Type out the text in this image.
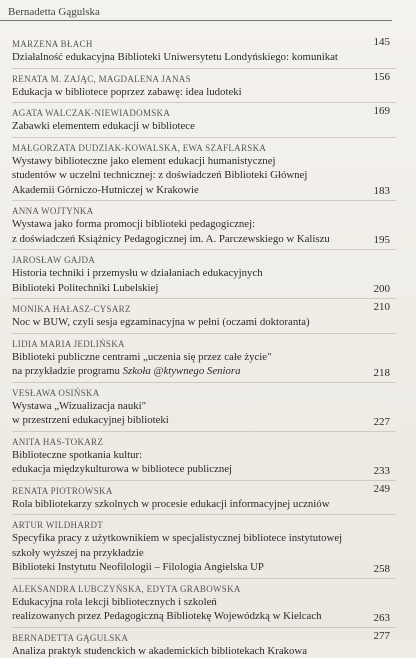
Bernadetta Gągulska
MARZENA BŁACH
Działalność edukacyjna Biblioteki Uniwersytetu Londyńskiego: komunikat
145
RENATA M. ZAJĄC, MAGDALENA JANAS
Edukacja w bibliotece poprzez zabawę: idea ludoteki
156
AGATA WALCZAK-NIEWIADOMSKA
Zabawki elementem edukacji w bibliotece
169
MAŁGORZATA DUDZIAK-KOWALSKA, EWA SZAFLARSKA
Wystawy biblioteczne jako element edukacji humanistycznej
studentów w uczelni technicznej: z doświadczeń Biblioteki Głównej
Akademii Górniczo-Hutniczej w Krakowie	183
ANNA WOJTYNKA
Wystawa jako forma promocji biblioteki pedagogicznej:
z doświadczeń Książnicy Pedagogicznej im. A. Parczewskiego w Kaliszu	195
JAROSŁAW GAJDA
Historia techniki i przemysłu w działaniach edukacyjnych
Biblioteki Politechniki Lubelskiej	200
MONIKA HAŁASZ-CYSARZ
Noc w BUW, czyli sesja egzaminacyjna w pełni (oczami doktoranta)
210
LIDIA MARIA JEDLIŃSKA
Biblioteki publiczne centrami „uczenia się przez całe życie"
na przykładzie programu Szkoła @ktywnego Seniora	218
VESŁAWA OSIŃSKA
Wystawa „Wizualizacja nauki"
w przestrzeni edukacyjnej biblioteki	227
ANITA HAS-TOKARZ
Biblioteczne spotkania kultur:
edukacja międzykulturowa w bibliotece publicznej	233
RENATA PIOTROWSKA
Rola bibliotekarzy szkolnych w procesie edukacji informacyjnej uczniów
249
ARTUR WILDHARDT
Specyfika pracy z użytkownikiem w specjalistycznej bibliotece instytutowej
szkoły wyższej na przykładzie
Biblioteki Instytutu Neofilologii – Filologia Angielska UP	258
ALEKSANDRA LUBCZYŃSKA, EDYTA GRABOWSKA
Edukacyjna rola lekcji bibliotecznych i szkoleń
realizowanych przez Pedagogiczną Bibliotekę Wojewódzką w Kielcach	263
BERNADETTA GĄGULSKA
Analiza praktyk studenckich w akademickich bibliotekach Krakowa
277
